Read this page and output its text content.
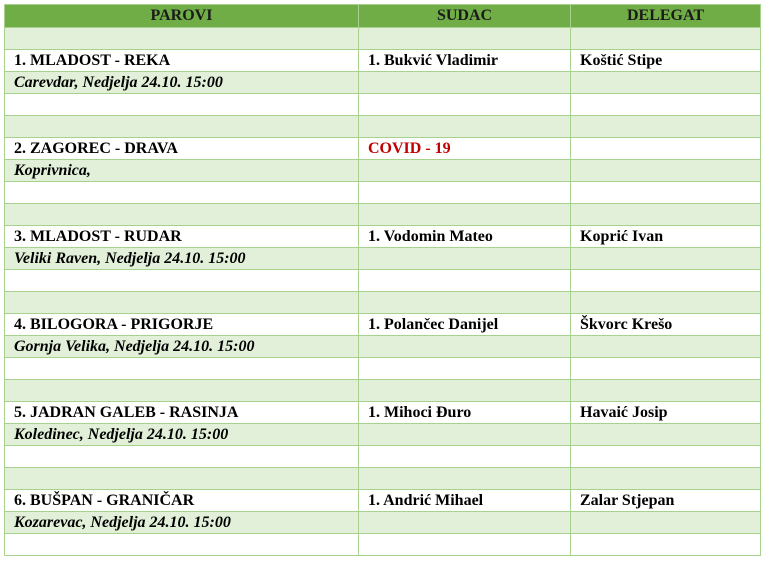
PAROVI	SUDAC	DELEGAT

1. MLADOST - REKA	1. Bukvić Vladimir	Koštić Stipe
Carevdar, Nedjelja 24.10. 15:00		

2. ZAGOREC - DRAVA	COVID - 19	
Koprivnica,		

3. MLADOST - RUDAR	1. Vodomin Mateo	Koprić Ivan
Veliki Raven, Nedjelja 24.10. 15:00		

4. BILOGORA - PRIGORJE	1. Polančec Danijel	Škvorc Krešo
Gornja Velika, Nedjelja 24.10. 15:00		

5. JADRAN GALEB - RASINJA	1. Mihoci Đuro	Havaić Josip
Koledinec, Nedjelja 24.10. 15:00		

6. BUŠPAN - GRANIČAR	1. Andrić Mihael	Zalar Stjepan
Kozarevac, Nedjelja 24.10. 15:00		
